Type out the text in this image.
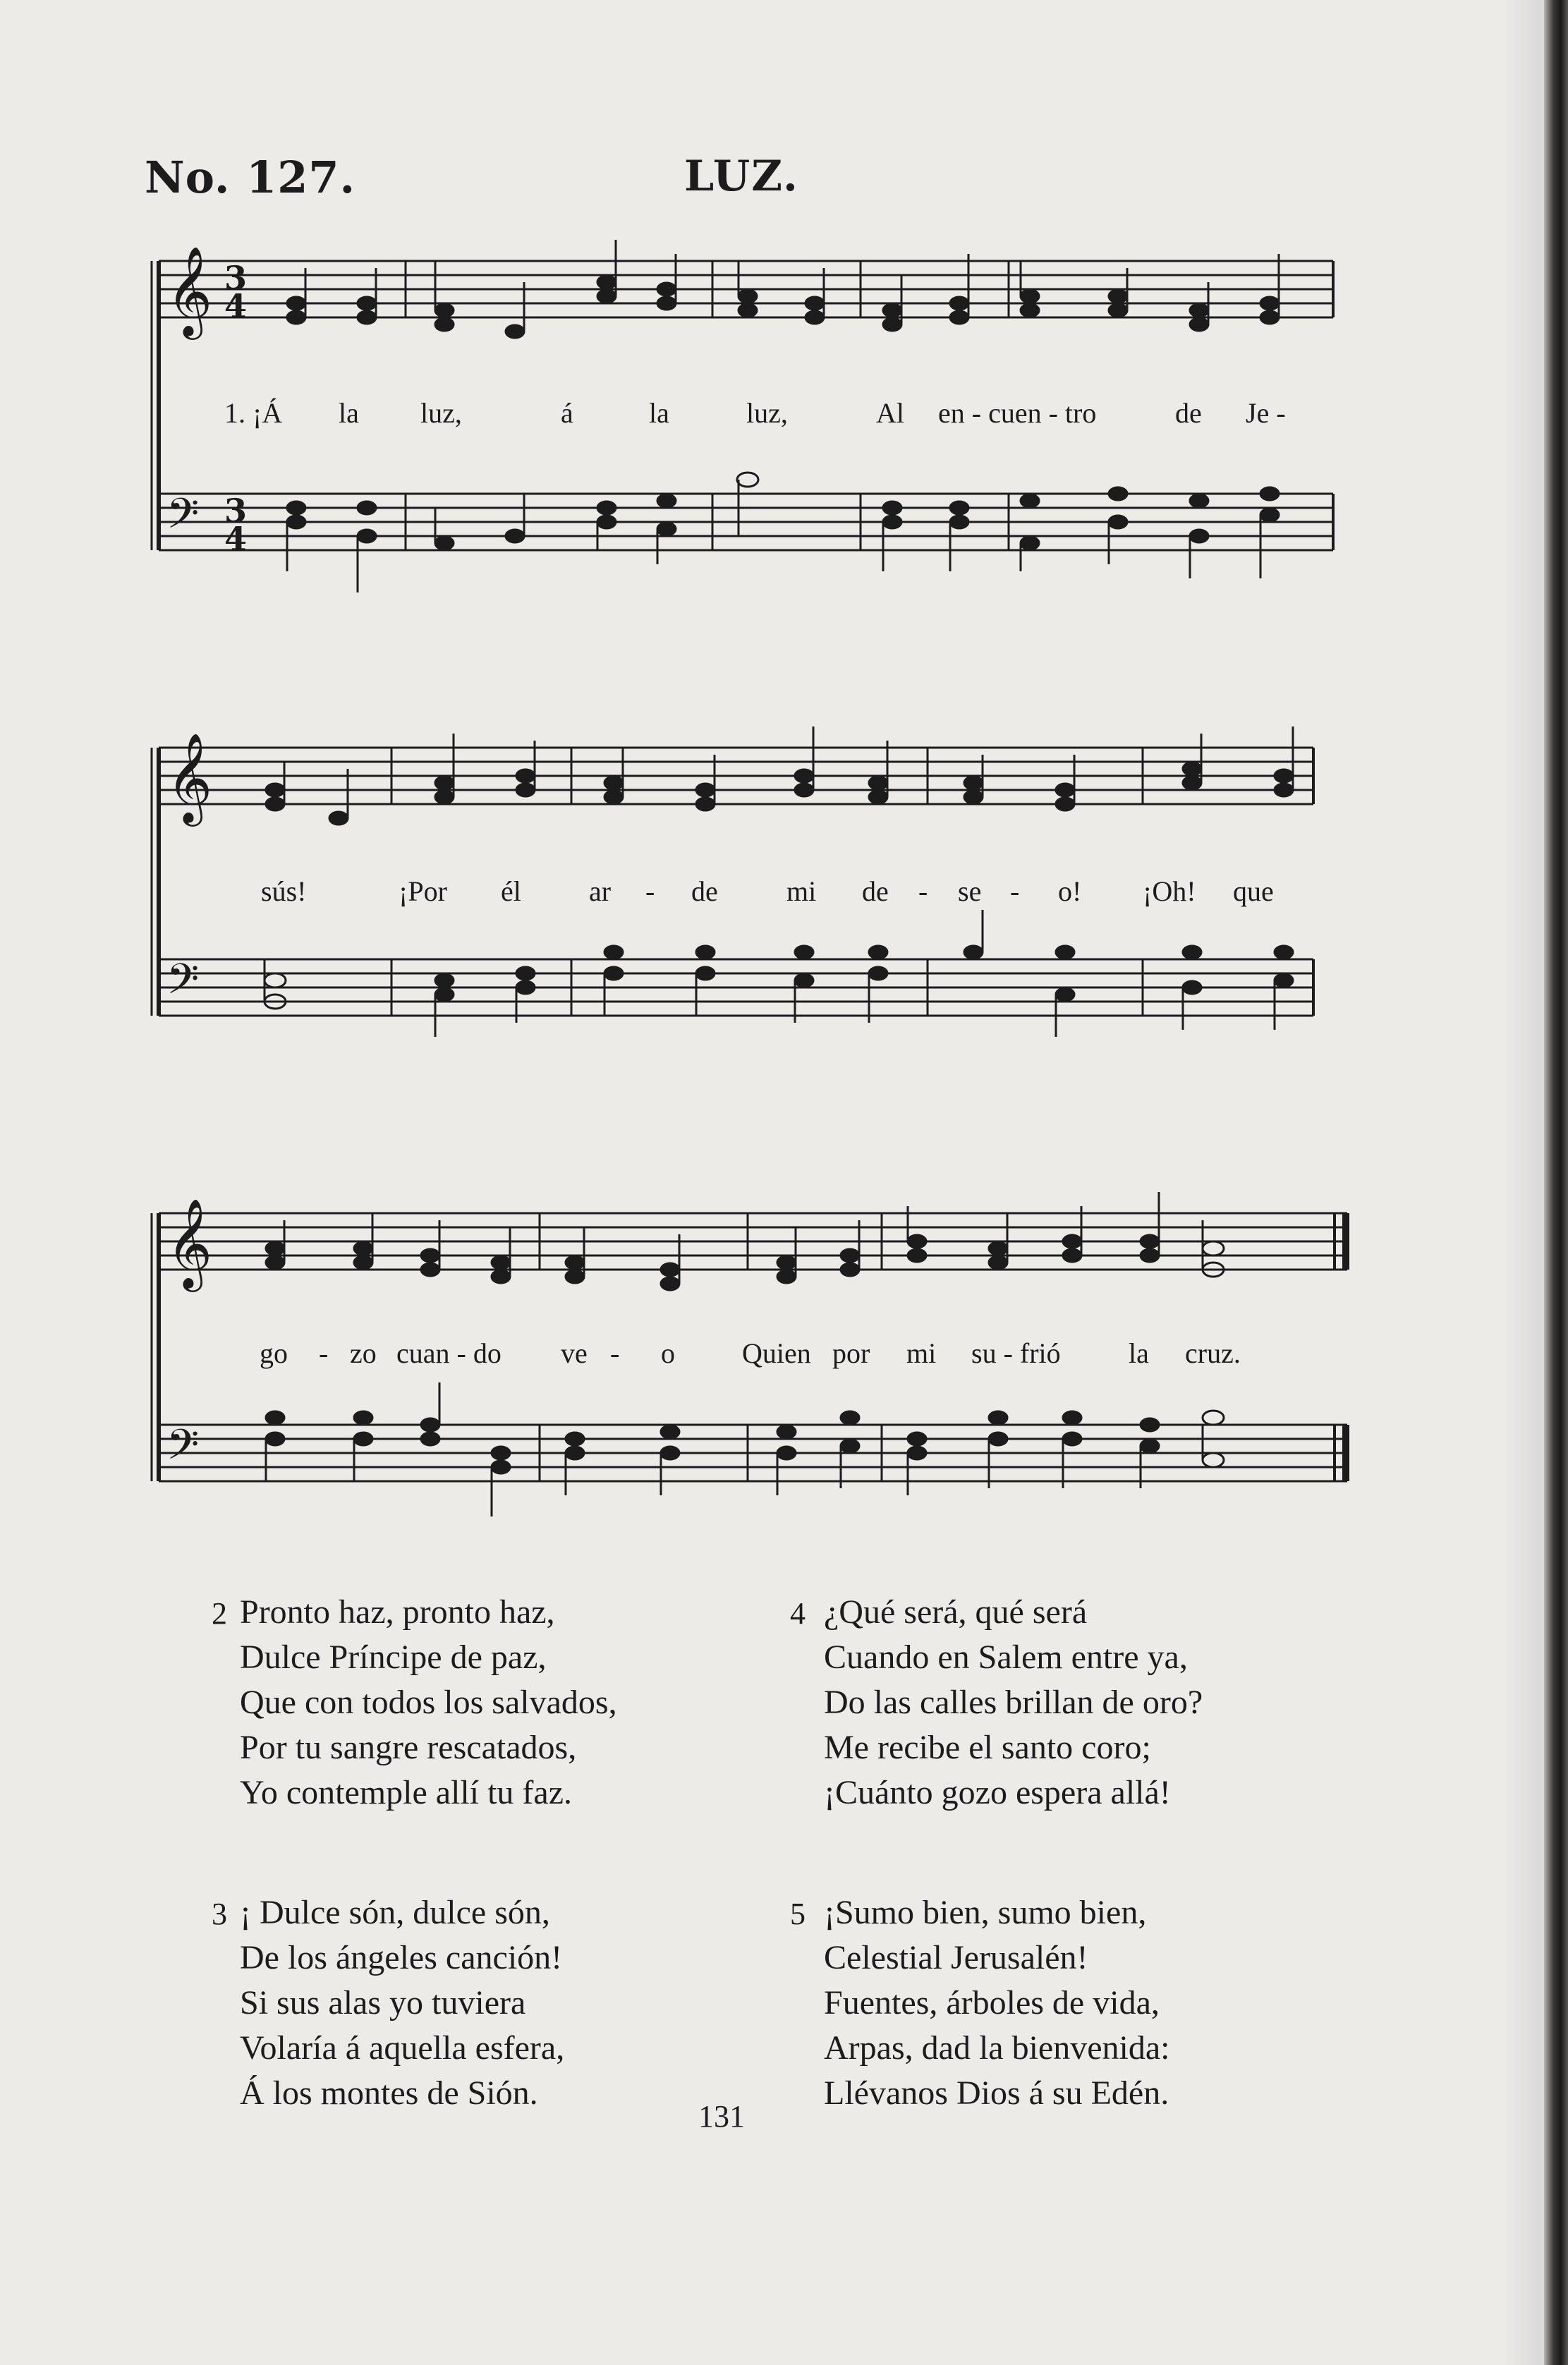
No. 127.	LUZ.
𝄞
𝄢
3
4
3
4
1. ¡Á la luz,	á	la	luz,	Al en - cuen - tro	de Je -
𝄞
𝄢
sús!	¡Por él ar - de mi de - se - o! ¡Oh! que
𝄞
𝄢
go - zo cuan - do ve - o Quien por mi su - frió la cruz.
2 Pronto haz, pronto haz,
Dulce Príncipe de paz,
Que con todos los salvados,
Por tu sangre rescatados,
Yo contemple allí tu faz.
3 ¡ Dulce són, dulce són,
De los ángeles canción!
Si sus alas yo tuviera
Volaría á aquella esfera,
Á los montes de Sión.
4 ¿Qué será, qué será
Cuando en Salem entre ya,
Do las calles brillan de oro?
Me recibe el santo coro;
¡Cuánto gozo espera allá!
5 ¡Sumo bien, sumo bien,
Celestial Jerusalén!
Fuentes, árboles de vida,
Arpas, dad la bienvenida:
Llévanos Dios á su Edén.
131
